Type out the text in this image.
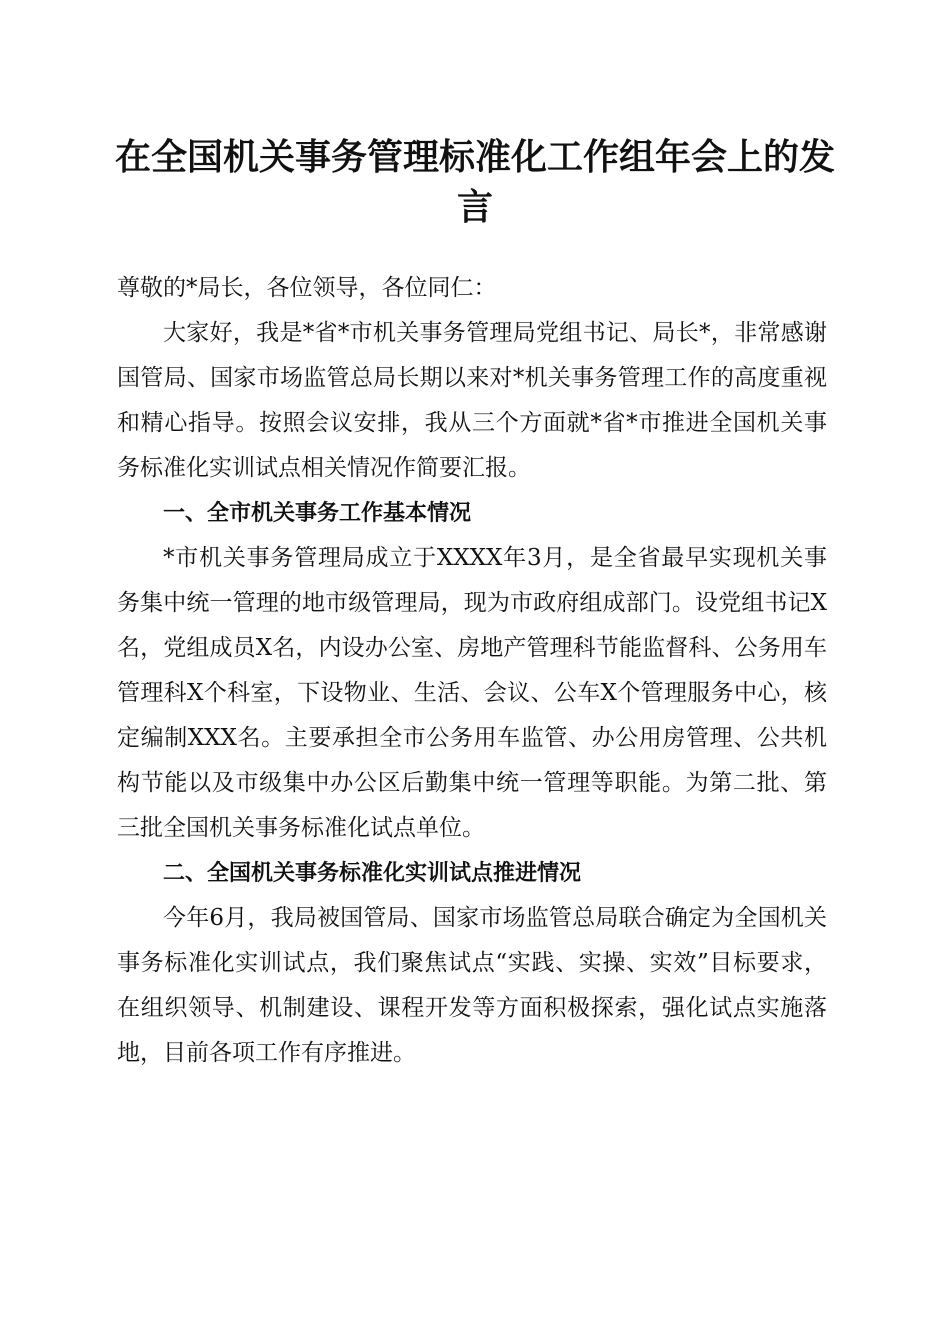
在全国机关事务管理标准化工作组年会上的发言

尊敬的*局长，各位领导，各位同仁：

大家好，我是*省*市机关事务管理局党组书记、局长*，非常感谢国管局、国家市场监管总局长期以来对*机关事务管理工作的高度重视和精心指导。按照会议安排，我从三个方面就*省*市推进全国机关事务标准化实训试点相关情况作简要汇报。

一、全市机关事务工作基本情况

*市机关事务管理局成立于XXXX年3月，是全省最早实现机关事务集中统一管理的地市级管理局，现为市政府组成部门。设党组书记X名，党组成员X名，内设办公室、房地产管理科节能监督科、公务用车管理科X个科室，下设物业、生活、会议、公车X个管理服务中心，核定编制XXX名。主要承担全市公务用车监管、办公用房管理、公共机构节能以及市级集中办公区后勤集中统一管理等职能。为第二批、第三批全国机关事务标准化试点单位。

二、全国机关事务标准化实训试点推进情况

今年6月，我局被国管局、国家市场监管总局联合确定为全国机关事务标准化实训试点，我们聚焦试点“实践、实操、实效”目标要求，在组织领导、机制建设、课程开发等方面积极探索，强化试点实施落地，目前各项工作有序推进。
